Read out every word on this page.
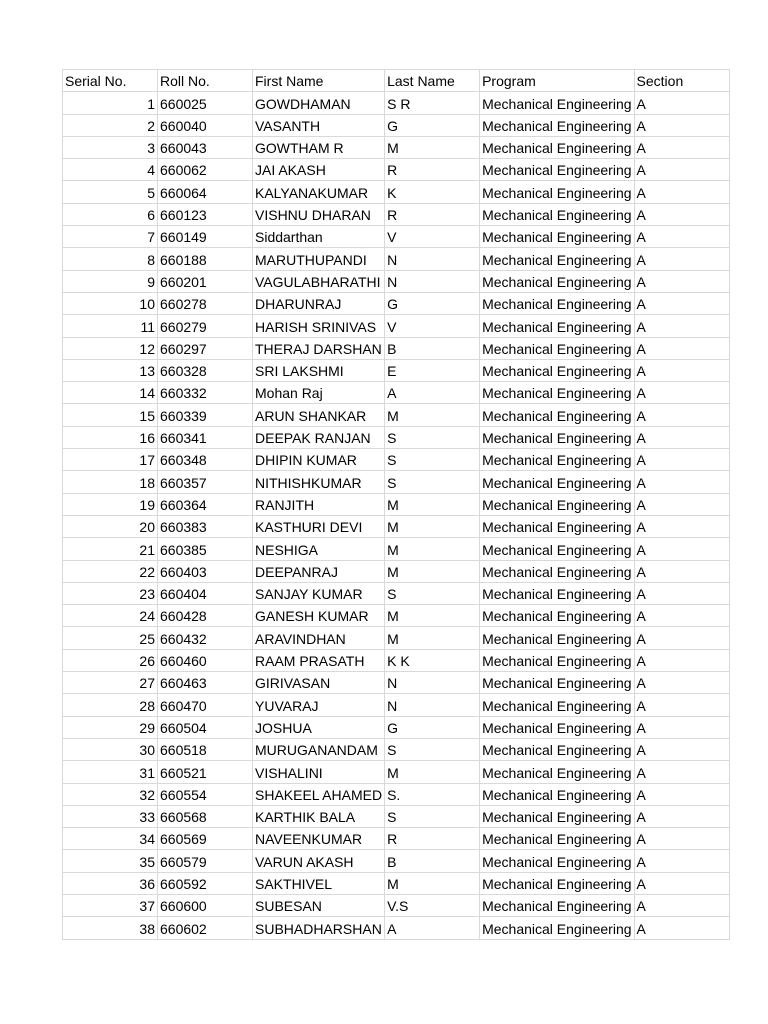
Serial No.	Roll No.	First Name	Last Name	Program	Section
1	660025	GOWDHAMAN	S R	Mechanical Engineering	A
2	660040	VASANTH	G	Mechanical Engineering	A
3	660043	GOWTHAM R	M	Mechanical Engineering	A
4	660062	JAI AKASH	R	Mechanical Engineering	A
5	660064	KALYANAKUMAR	K	Mechanical Engineering	A
6	660123	VISHNU DHARAN	R	Mechanical Engineering	A
7	660149	Siddarthan	V	Mechanical Engineering	A
8	660188	MARUTHUPANDI	N	Mechanical Engineering	A
9	660201	VAGULABHARATHI	N	Mechanical Engineering	A
10	660278	DHARUNRAJ	G	Mechanical Engineering	A
11	660279	HARISH SRINIVAS	V	Mechanical Engineering	A
12	660297	THERAJ DARSHAN	B	Mechanical Engineering	A
13	660328	SRI LAKSHMI	E	Mechanical Engineering	A
14	660332	Mohan Raj	A	Mechanical Engineering	A
15	660339	ARUN SHANKAR	M	Mechanical Engineering	A
16	660341	DEEPAK RANJAN	S	Mechanical Engineering	A
17	660348	DHIPIN KUMAR	S	Mechanical Engineering	A
18	660357	NITHISHKUMAR	S	Mechanical Engineering	A
19	660364	RANJITH	M	Mechanical Engineering	A
20	660383	KASTHURI DEVI	M	Mechanical Engineering	A
21	660385	NESHIGA	M	Mechanical Engineering	A
22	660403	DEEPANRAJ	M	Mechanical Engineering	A
23	660404	SANJAY KUMAR	S	Mechanical Engineering	A
24	660428	GANESH KUMAR	M	Mechanical Engineering	A
25	660432	ARAVINDHAN	M	Mechanical Engineering	A
26	660460	RAAM PRASATH	K K	Mechanical Engineering	A
27	660463	GIRIVASAN	N	Mechanical Engineering	A
28	660470	YUVARAJ	N	Mechanical Engineering	A
29	660504	JOSHUA	G	Mechanical Engineering	A
30	660518	MURUGANANDAM	S	Mechanical Engineering	A
31	660521	VISHALINI	M	Mechanical Engineering	A
32	660554	SHAKEEL AHAMED	S.	Mechanical Engineering	A
33	660568	KARTHIK BALA	S	Mechanical Engineering	A
34	660569	NAVEENKUMAR	R	Mechanical Engineering	A
35	660579	VARUN AKASH	B	Mechanical Engineering	A
36	660592	SAKTHIVEL	M	Mechanical Engineering	A
37	660600	SUBESAN	V.S	Mechanical Engineering	A
38	660602	SUBHADHARSHAN	A	Mechanical Engineering	A
